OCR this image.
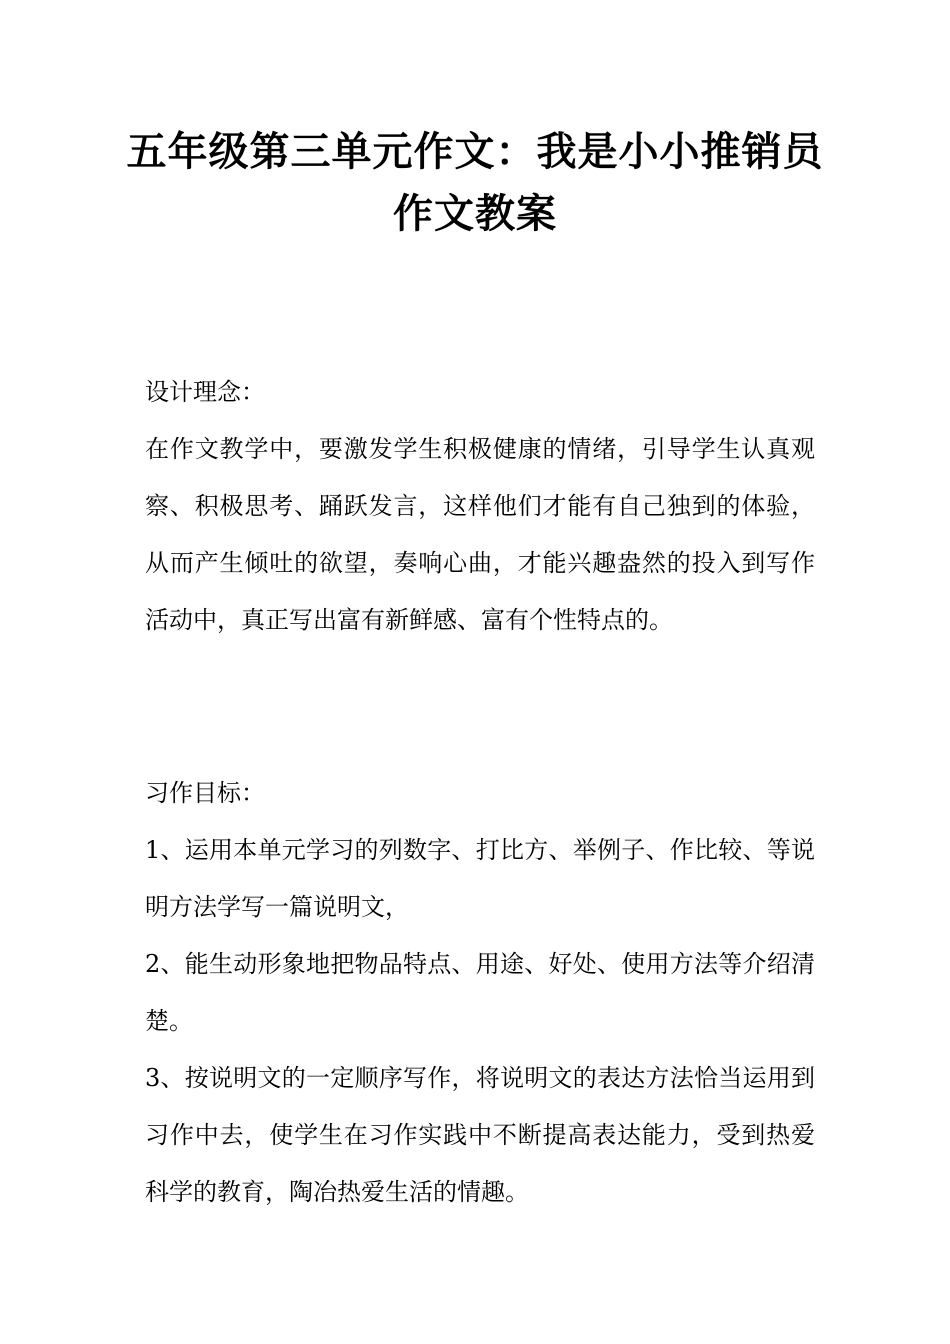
五年级第三单元作文：我是小小推销员
作文教案
设计理念：

在作文教学中，要激发学生积极健康的情绪，引导学生认真观察、积极思考、踊跃发言，这样他们才能有自己独到的体验，从而产生倾吐的欲望，奏响心曲，才能兴趣盎然的投入到写作活动中，真正写出富有新鲜感、富有个性特点的。

习作目标：

1、运用本单元学习的列数字、打比方、举例子、作比较、等说明方法学写一篇说明文，

2、能生动形象地把物品特点、用途、好处、使用方法等介绍清楚。

3、按说明文的一定顺序写作，将说明文的表达方法恰当运用到习作中去，使学生在习作实践中不断提高表达能力，受到热爱科学的教育，陶冶热爱生活的情趣。
